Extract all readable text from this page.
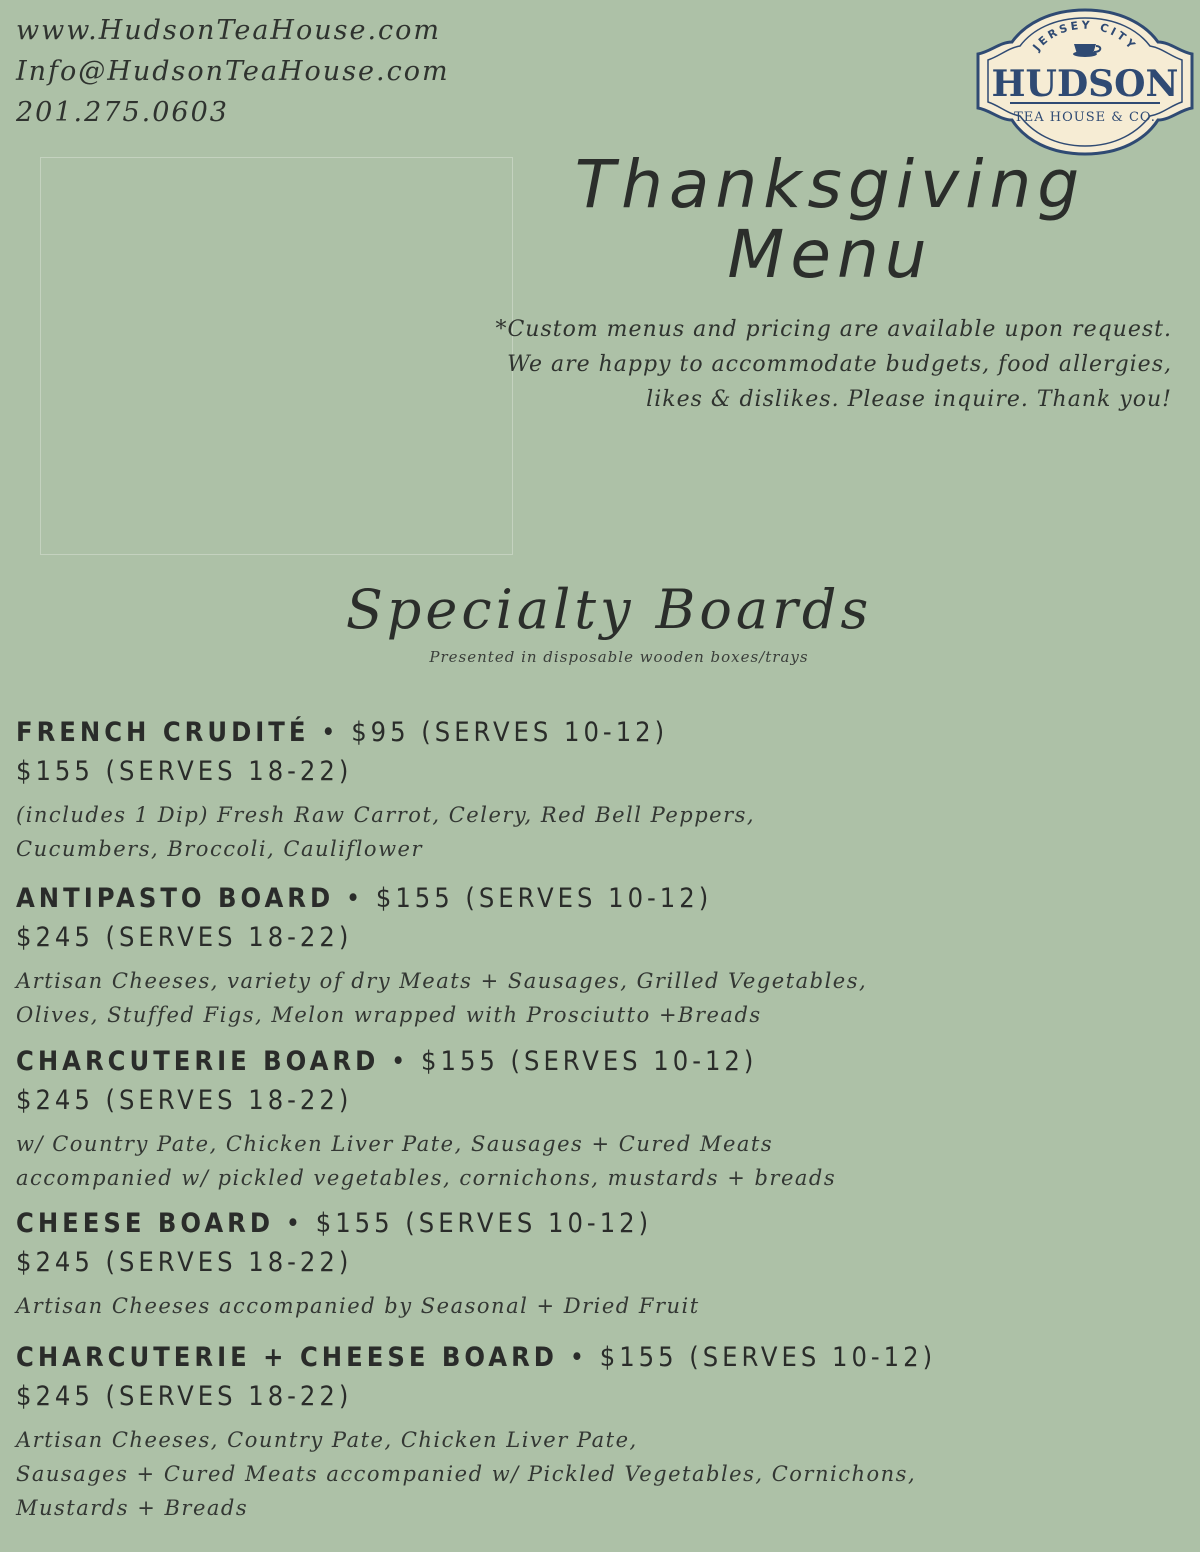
www.HudsonTeaHouse.com
Info@HudsonTeaHouse.com
201.275.0603
JERSEY CITY
HUDSON
TEA HOUSE & CO.
Thanksgiving
Menu
*Custom menus and pricing are available upon request.
We are happy to accommodate budgets, food allergies,
likes & dislikes. Please inquire. Thank you!
Specialty Boards
Presented in disposable wooden boxes/trays
FRENCH CRUDITÉ • $95 (SERVES 10-12)
$155 (SERVES 18-22)
(includes 1 Dip) Fresh Raw Carrot, Celery, Red Bell Peppers,
Cucumbers, Broccoli, Cauliflower
ANTIPASTO BOARD • $155 (SERVES 10-12)
$245 (SERVES 18-22)
Artisan Cheeses, variety of dry Meats + Sausages, Grilled Vegetables,
Olives, Stuffed Figs, Melon wrapped with Prosciutto +Breads
CHARCUTERIE BOARD • $155 (SERVES 10-12)
$245 (SERVES 18-22)
w/ Country Pate, Chicken Liver Pate, Sausages + Cured Meats
accompanied w/ pickled vegetables, cornichons, mustards + breads
CHEESE BOARD • $155 (SERVES 10-12)
$245 (SERVES 18-22)
Artisan Cheeses accompanied by Seasonal + Dried Fruit
CHARCUTERIE + CHEESE BOARD • $155 (SERVES 10-12)
$245 (SERVES 18-22)
Artisan Cheeses, Country Pate, Chicken Liver Pate,
Sausages + Cured Meats accompanied w/ Pickled Vegetables, Cornichons,
Mustards + Breads
